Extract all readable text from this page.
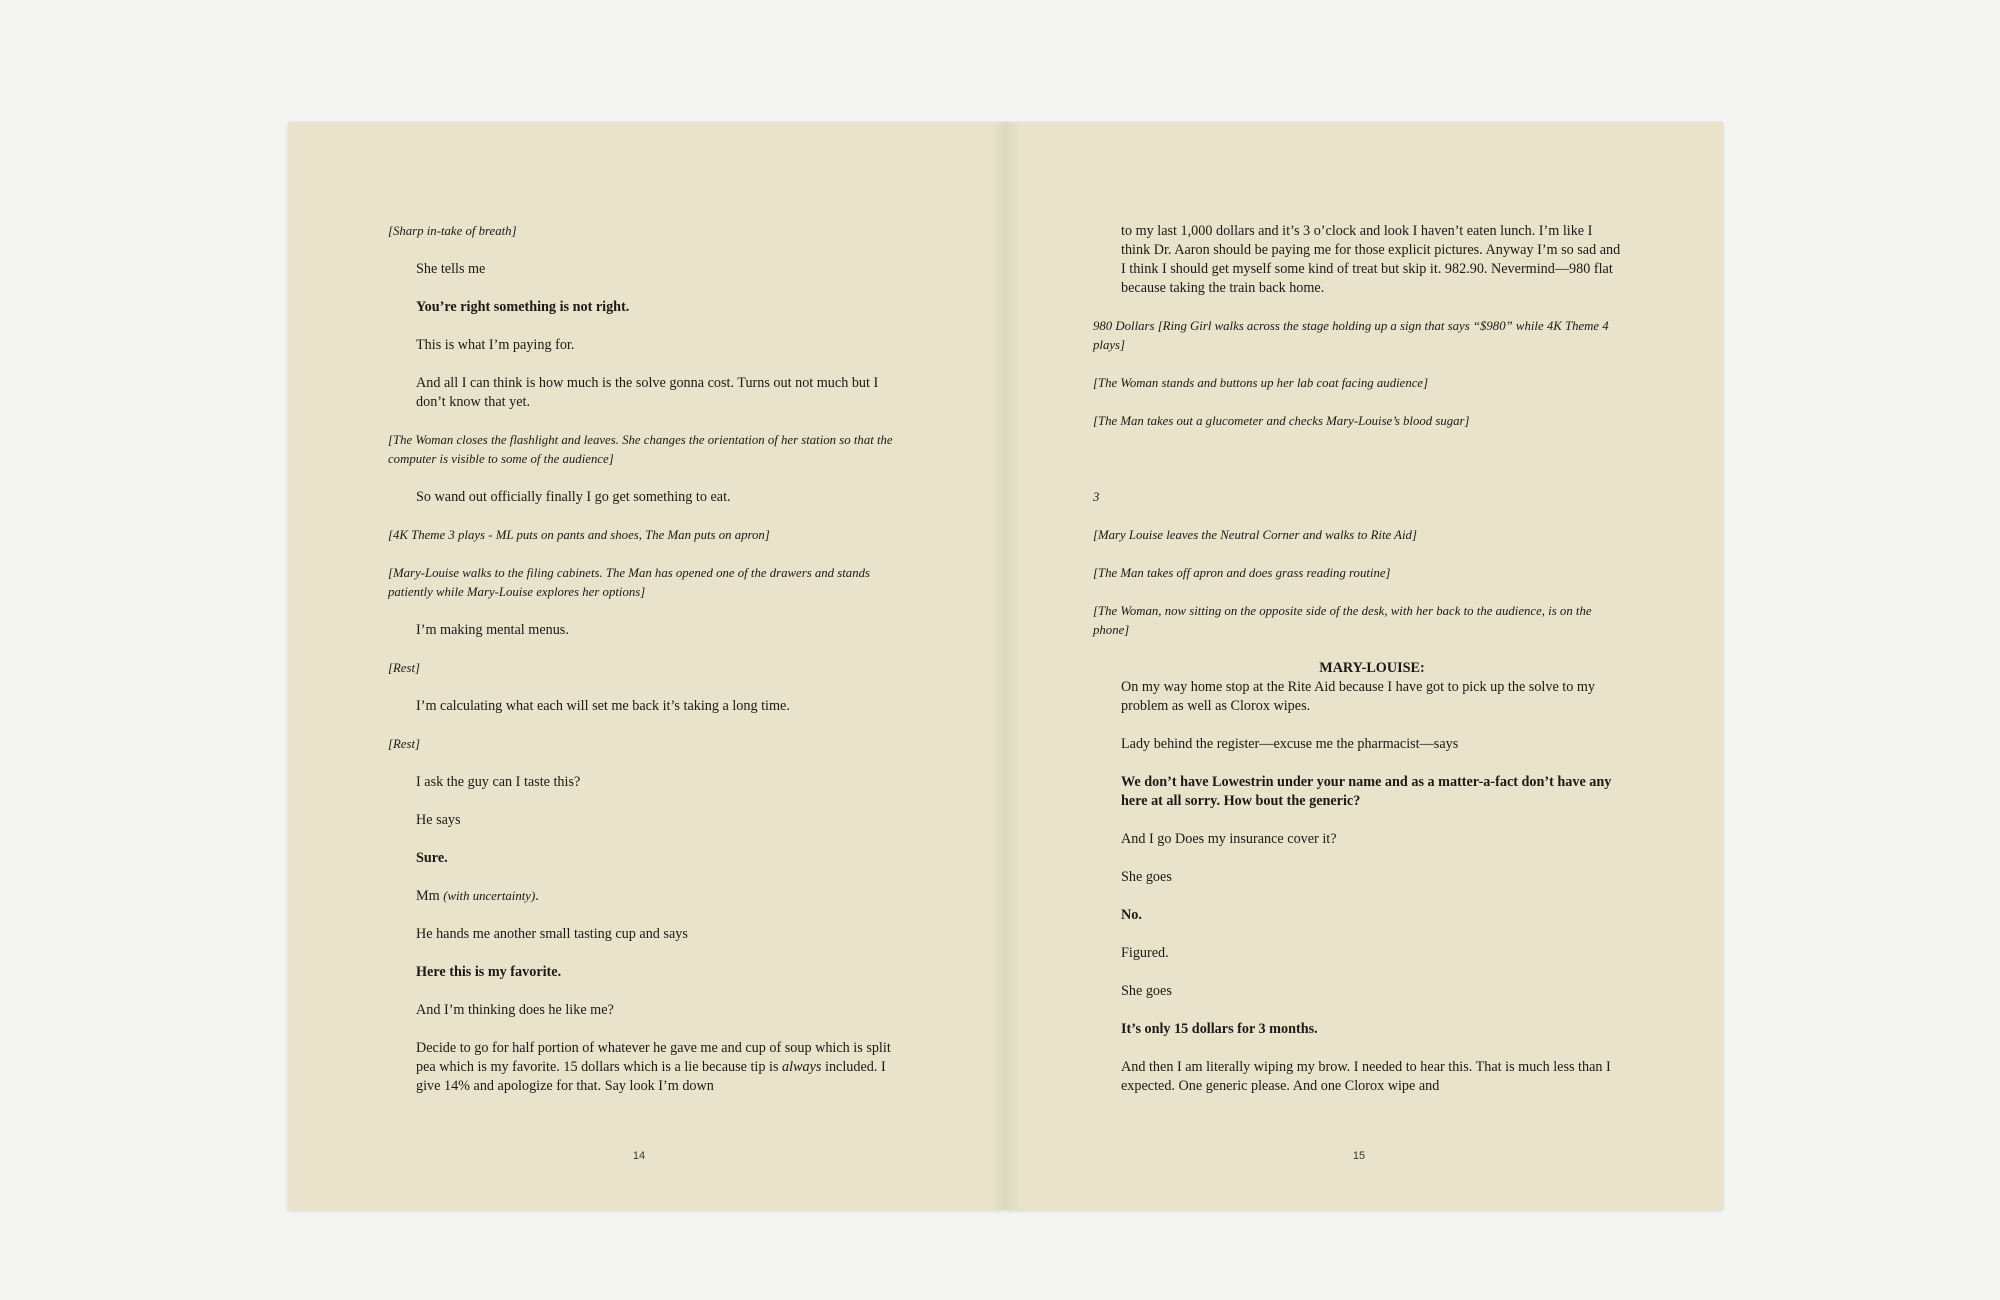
[Sharp in-take of breath]

She tells me

You’re right something is not right.

This is what I’m paying for.

And all I can think is how much is the solve gonna cost. Turns out not much but I don’t know that yet.

[The Woman closes the flashlight and leaves. She changes the orientation of her station so that the computer is visible to some of the audience]

So wand out officially finally I go get something to eat.

[4K Theme 3 plays - ML puts on pants and shoes, The Man puts on apron]

[Mary-Louise walks to the filing cabinets. The Man has opened one of the drawers and stands patiently while Mary-Louise explores her options]

I’m making mental menus.

[Rest]

I’m calculating what each will set me back it’s taking a long time.

[Rest]

I ask the guy can I taste this?

He says

Sure.

Mm (with uncertainty).

He hands me another small tasting cup and says

Here this is my favorite.

And I’m thinking does he like me?

Decide to go for half portion of whatever he gave me and cup of soup which is split pea which is my favorite. 15 dollars which is a lie because tip is always included. I give 14% and apologize for that. Say look I’m down

14

to my last 1,000 dollars and it’s 3 o’clock and look I haven’t eaten lunch. I’m like I think Dr. Aaron should be paying me for those explicit pictures. Anyway I’m so sad and I think I should get myself some kind of treat but skip it. 982.90. Nevermind—980 flat because taking the train back home.

980 Dollars [Ring Girl walks across the stage holding up a sign that says “$980” while 4K Theme 4 plays]

[The Woman stands and buttons up her lab coat facing audience]

[The Man takes out a glucometer and checks Mary-Louise’s blood sugar]

3

[Mary Louise leaves the Neutral Corner and walks to Rite Aid]

[The Man takes off apron and does grass reading routine]

[The Woman, now sitting on the opposite side of the desk, with her back to the audience, is on the phone]

MARY-LOUISE:

On my way home stop at the Rite Aid because I have got to pick up the solve to my problem as well as Clorox wipes.

Lady behind the register—excuse me the pharmacist—says

We don’t have Lowestrin under your name and as a matter-a-fact don’t have any here at all sorry. How bout the generic?

And I go Does my insurance cover it?

She goes

No.

Figured.

She goes

It’s only 15 dollars for 3 months.

And then I am literally wiping my brow. I needed to hear this. That is much less than I expected. One generic please. And one Clorox wipe and

15
